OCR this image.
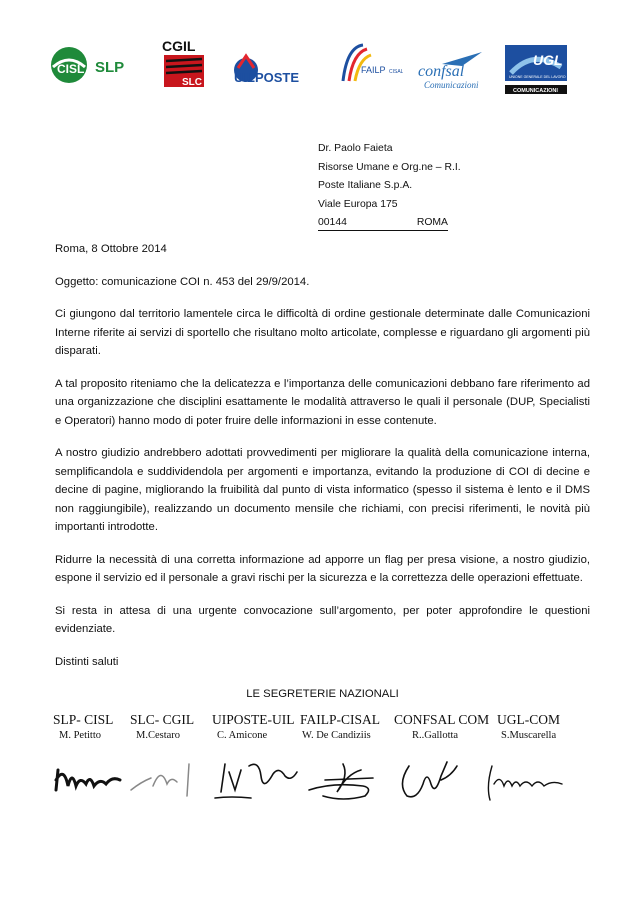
CISL SLP
CGIL
SLC UILPOSTE	FAILP CISAL confsal
Comunicazioni
UGL
UNIONE GENERALE DEL LAVORO
COMUNICAZIONI
Dr. Paolo Faieta
Risorse Umane e Org.ne – R.I.
Poste Italiane S.p.A.
Viale Europa 175
00144	ROMA

Roma, 8 Ottobre 2014

Oggetto: comunicazione COI n. 453 del 29/9/2014.

Ci giungono dal territorio lamentele circa le difficoltà di ordine gestionale determinate dalle Comunicazioni Interne riferite ai servizi di sportello che risultano molto articolate, complesse e riguardano gli argomenti più disparati.

A tal proposito riteniamo che la delicatezza e l’importanza delle comunicazioni debbano fare riferimento ad una organizzazione che disciplini esattamente le modalità attraverso le quali il personale (DUP, Specialisti e Operatori) hanno modo di poter fruire delle informazioni in esse contenute.

A nostro giudizio andrebbero adottati provvedimenti per migliorare la qualità della comunicazione interna, semplificandola e suddividendola per argomenti e importanza, evitando la produzione di COI di decine e decine di pagine, migliorando la fruibilità dal punto di vista informatico (spesso il sistema è lento e il DMS non raggiungibile), realizzando un documento mensile che richiami, con precisi riferimenti, le novità più importanti introdotte.

Ridurre la necessità di una corretta informazione ad apporre un flag per presa visione, a nostro giudizio, espone il servizio ed il personale a gravi rischi per la sicurezza e la correttezza delle operazioni effettuate.

Si resta in attesa di una urgente convocazione sull’argomento, per poter approfondire le questioni evidenziate.

Distinti saluti

LE SEGRETERIE NAZIONALI

SLP- CISL
M. Petitto
SLC- CGIL
M.Cestaro
UIPOSTE-UIL
C. Amicone
FAILP-CISAL
W. De Candiziis
CONFSAL COM
R..Gallotta
UGL-COM
S.Muscarella
